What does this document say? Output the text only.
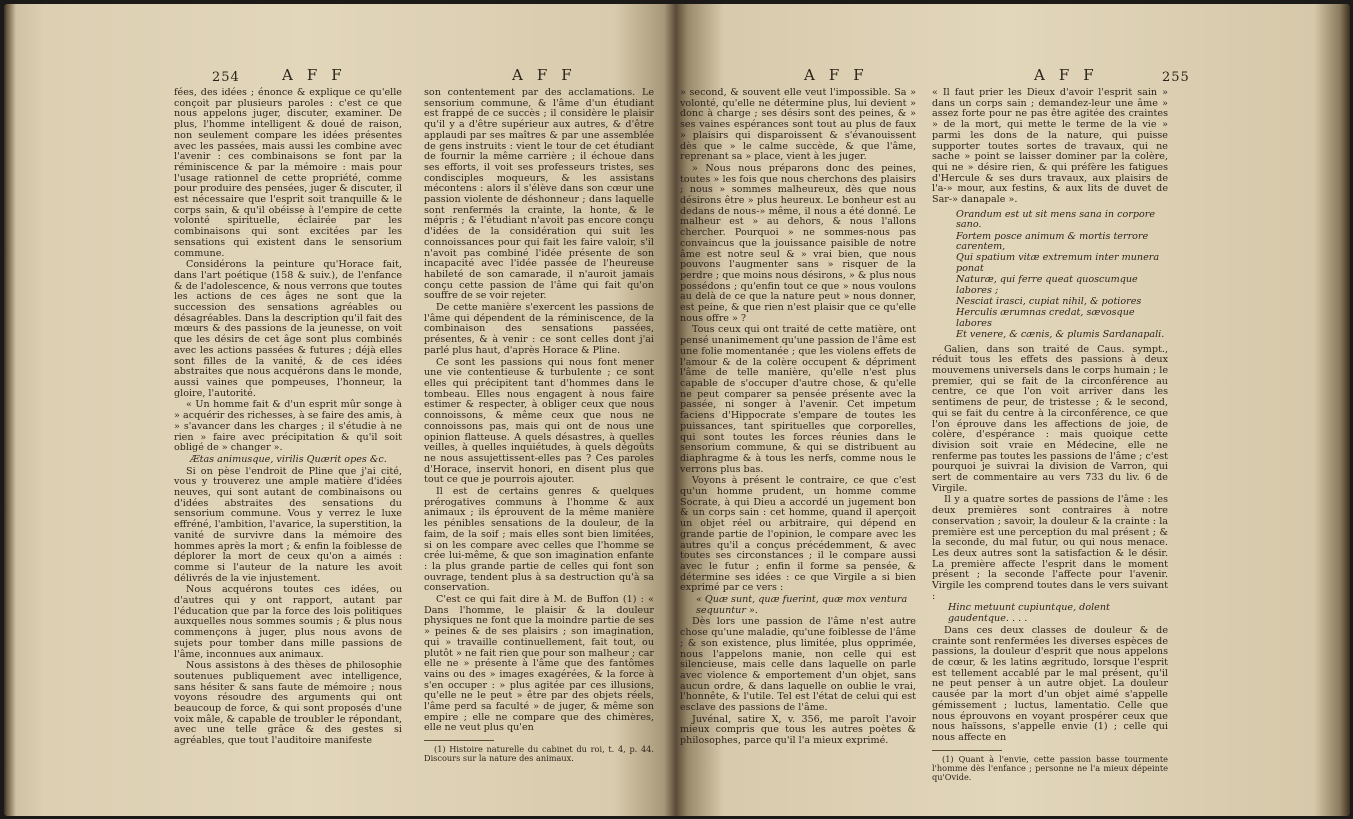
254	AFF	AFF

fées, des idées ; énonce & explique ce qu'elle conçoit par plusieurs paroles : c'est ce que nous appelons juger, discuter, examiner. De plus, l'homme intelligent & doué de raison, non seulement compare les idées présentes avec les passées, mais aussi les combine avec l'avenir : ces combinaisons se font par la réminiscence & par la mémoire : mais pour l'usage rationnel de cette propriété, comme pour produire des pensées, juger & discuter, il est nécessaire que l'esprit soit tranquille & le corps sain, & qu'il obéisse à l'empire de cette volonté spirituelle, éclairée par les combinaisons qui sont excitées par les sensations qui existent dans le sensorium commune.

Considérons la peinture qu'Horace fait, dans l'art poétique (158 & suiv.), de l'enfance & de l'adolescence, & nous verrons que toutes les actions de ces âges ne sont que la succession des sensations agréables ou désagréables. Dans la description qu'il fait des mœurs & des passions de la jeunesse, on voit que les désirs de cet âge sont plus combinés avec les actions passées & futures ; déjà elles sont filles de la vanité, & de ces idées abstraites que nous acquérons dans le monde, aussi vaines que pompeuses, l'honneur, la gloire, l'autorité.

« Un homme fait & d'un esprit mûr songe à » acquérir des richesses, à se faire des amis, à » s'avancer dans les charges ; il s'étudie à ne rien » faire avec précipitation & qu'il soit obligé de » changer ».

Ætas animusque, virilis Quærit opes &c.

Si on pèse l'endroit de Pline que j'ai cité, vous y trouverez une ample matière d'idées neuves, qui sont autant de combinaisons ou d'idées abstraites des sensations du sensorium commune. Vous y verrez le luxe effréné, l'ambition, l'avarice, la superstition, la vanité de survivre dans la mémoire des hommes après la mort ; & enfin la foiblesse de déplorer la mort de ceux qu'on a aimés : comme si l'auteur de la nature les avoit délivrés de la vie injustement.

Nous acquérons toutes ces idées, ou d'autres qui y ont rapport, autant par l'éducation que par la force des lois politiques auxquelles nous sommes soumis ; & plus nous commençons à juger, plus nous avons de sujets pour tomber dans mille passions de l'âme, inconnues aux animaux.

Nous assistons à des thèses de philosophie soutenues publiquement avec intelligence, sans hésiter & sans faute de mémoire ; nous voyons résoudre des arguments qui ont beaucoup de force, & qui sont proposés d'une voix mâle, & capable de troubler le répondant, avec une telle grâce & des gestes si agréables, que tout l'auditoire manifeste

son contentement par des acclamations. Le sensorium commune, & l'âme d'un étudiant est frappé de ce succès ; il considère le plaisir qu'il y a d'être supérieur aux autres, & d'être applaudi par ses maîtres & par une assemblée de gens instruits : vient le tour de cet étudiant de fournir la même carrière ; il échoue dans ses efforts, il voit ses professeurs tristes, ses condisciples moqueurs, & les assistans mécontens : alors il s'élève dans son cœur une passion violente de déshonneur ; dans laquelle sont renfermés la crainte, la honte, & le mépris ; & l'étudiant n'avoit pas encore conçu d'idées de la considération qui suit les connoissances pour qui fait les faire valoir, s'il n'avoit pas combiné l'idée présente de son incapacité avec l'idée passée de l'heureuse habileté de son camarade, il n'auroit jamais conçu cette passion de l'âme qui fait qu'on souffre de se voir rejeter.

De cette manière s'exercent les passions de l'âme qui dépendent de la réminiscence, de la combinaison des sensations passées, présentes, & à venir : ce sont celles dont j'ai parlé plus haut, d'après Horace & Pline.

Ce sont les passions qui nous font mener une vie contentieuse & turbulente ; ce sont elles qui précipitent tant d'hommes dans le tombeau. Elles nous engagent à nous faire estimer & respecter, à obliger ceux que nous connoissons, & même ceux que nous ne connoissons pas, mais qui ont de nous une opinion flatteuse. A quels désastres, à quelles veilles, à quelles inquiétudes, à quels dégoûts ne nous assujettissent-elles pas ? Ces paroles d'Horace, inservit honori, en disent plus que tout ce que je pourrois ajouter.

Il est de certains genres & quelques prérogatives communs à l'homme & aux animaux ; ils éprouvent de la même manière les pénibles sensations de la douleur, de la faim, de la soif ; mais elles sont bien limitées, si on les compare avec celles que l'homme se crée lui-même, & que son imagination enfante : la plus grande partie de celles qui font son ouvrage, tendent plus à sa destruction qu'à sa conservation.

C'est ce qui fait dire à M. de Buffon (1) : « Dans l'homme, le plaisir & la douleur physiques ne font que la moindre partie de ses » peines & de ses plaisirs ; son imagination, qui » travaille continuellement, fait tout, ou plutôt » ne fait rien que pour son malheur ; car elle ne » présente à l'âme que des fantômes vains ou des » images exagérées, & la force à s'en occuper : » plus agitée par ces illusions, qu'elle ne le peut » être par des objets réels, l'âme perd sa faculté » de juger, & même son empire ; elle ne compare que des chimères, elle ne veut plus qu'en

(1) Histoire naturelle du cabinet du roi, t. 4, p. 44. Discours sur la nature des animaux.

AFF	AFF	255

» second, & souvent elle veut l'impossible. Sa » volonté, qu'elle ne détermine plus, lui devient » donc à charge ; ses désirs sont des peines, & » ses vaines espérances sont tout au plus de faux » plaisirs qui disparoissent & s'évanouissent dès que » le calme succède, & que l'âme, reprenant sa » place, vient à les juger.

» Nous nous préparons donc des peines, toutes » les fois que nous cherchons des plaisirs ; nous » sommes malheureux, dès que nous désirons être » plus heureux. Le bonheur est au dedans de nous-» même, il nous a été donné. Le malheur est » au dehors, & nous l'allons chercher. Pourquoi » ne sommes-nous pas convaincus que la jouissance paisible de notre âme est notre seul & » vrai bien, que nous pouvons l'augmenter sans » risquer de la perdre ; que moins nous désirons, » & plus nous possédons ; qu'enfin tout ce que » nous voulons au delà de ce que la nature peut » nous donner, est peine, & que rien n'est plaisir que ce qu'elle nous offre » ?

Tous ceux qui ont traité de cette matière, ont pensé unanimement qu'une passion de l'âme est une folie momentanée ; que les violens effets de l'amour & de la colère occupent & dépriment l'âme de telle manière, qu'elle n'est plus capable de s'occuper d'autre chose, & qu'elle ne peut comparer sa pensée présente avec la passée, ni songer à l'avenir. Cet impetum faciens d'Hippocrate s'empare de toutes les puissances, tant spirituelles que corporelles, qui sont toutes les forces réunies dans le sensorium commune, & qui se distribuent au diaphragme & à tous les nerfs, comme nous le verrons plus bas.

Voyons à présent le contraire, ce que c'est qu'un homme prudent, un homme comme Socrate, à qui Dieu a accordé un jugement bon & un corps sain : cet homme, quand il aperçoit un objet réel ou arbitraire, qui dépend en grande partie de l'opinion, le compare avec les autres qu'il a conçus précédemment, & avec toutes ses circonstances ; il le compare aussi avec le futur ; enfin il forme sa pensée, & détermine ses idées : ce que Virgile a si bien exprimé par ce vers :

« Quæ sunt, quæ fuerint, quæ mox ventura sequuntur ».

Dès lors une passion de l'âme n'est autre chose qu'une maladie, qu'une foiblesse de l'âme ; & son existence, plus limitée, plus opprimée, nous l'appelons manie, non celle qui est silencieuse, mais celle dans laquelle on parle avec violence & emportement d'un objet, sans aucun ordre, & dans laquelle on oublie le vrai, l'honnête, & l'utile. Tel est l'état de celui qui est esclave des passions de l'âme.

Juvénal, satire X, v. 356, me paroît l'avoir mieux compris que tous les autres poètes & philosophes, parce qu'il l'a mieux exprimé.

« Il faut prier les Dieux d'avoir l'esprit sain » dans un corps sain ; demandez-leur une âme » assez forte pour ne pas être agitée des craintes » de la mort, qui mette le terme de la vie » parmi les dons de la nature, qui puisse supporter toutes sortes de travaux, qui ne sache » point se laisser dominer par la colère, qui ne » désire rien, & qui préfère les fatigues d'Hercule & ses durs travaux, aux plaisirs de l'a-» mour, aux festins, & aux lits de duvet de Sar-» danapale ».

Orandum est ut sit mens sana in corpore sano.

Fortem posce animum & mortis terrore carentem,

Qui spatium vitæ extremum inter munera ponat

Naturæ, qui ferre queat quoscumque labores ;

Nesciat irasci, cupiat nihil, & potiores

Herculis ærumnas credat, sævosque labores

Et venere, & cænis, & plumis Sardanapali.

Galien, dans son traité de Caus. sympt., réduit tous les effets des passions à deux mouvemens universels dans le corps humain ; le premier, qui se fait de la circonférence au centre, ce que l'on voit arriver dans les sentimens de peur, de tristesse ; & le second, qui se fait du centre à la circonférence, ce que l'on éprouve dans les affections de joie, de colère, d'espérance : mais quoique cette division soit vraie en Médecine, elle ne renferme pas toutes les passions de l'âme ; c'est pourquoi je suivrai la division de Varron, qui sert de commentaire au vers 733 du liv. 6 de Virgile.

Il y a quatre sortes de passions de l'âme : les deux premières sont contraires à notre conservation ; savoir, la douleur & la crainte : la première est une perception du mal présent ; & la seconde, du mal futur, ou qui nous menace. Les deux autres sont la satisfaction & le désir. La première affecte l'esprit dans le moment présent ; la seconde l'affecte pour l'avenir. Virgile les comprend toutes dans le vers suivant :

Hinc metuunt cupiuntque, dolent gaudentque. . . .

Dans ces deux classes de douleur & de crainte sont renfermées les diverses espèces de passions, la douleur d'esprit que nous appelons de cœur, & les latins ægritudo, lorsque l'esprit est tellement accablé par le mal présent, qu'il ne peut penser à un autre objet. La douleur causée par la mort d'un objet aimé s'appelle gémissement ; luctus, lamentatio. Celle que nous éprouvons en voyant prospérer ceux que nous haïssons, s'appelle envie (1) ; celle qui nous affecte en

(1) Quant à l'envie, cette passion basse tourmente l'homme dès l'enfance ; personne ne l'a mieux dépeinte qu'Ovide.
